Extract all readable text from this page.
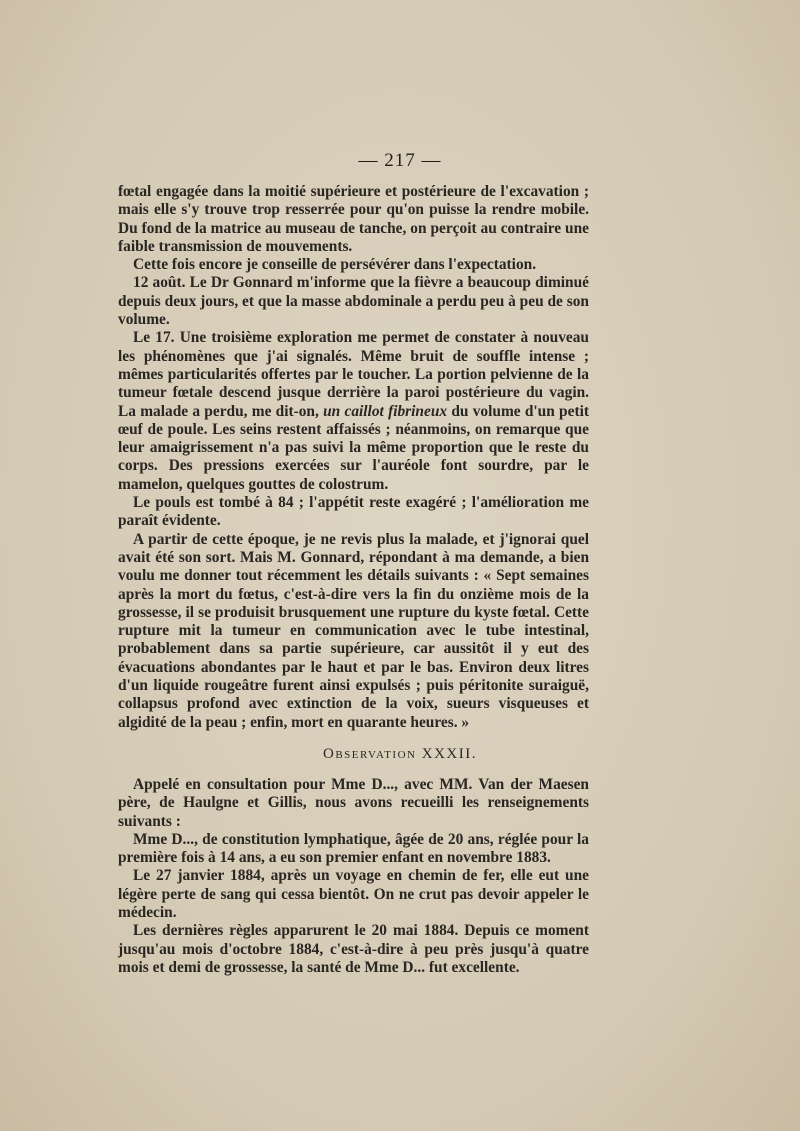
— 217 —

fœtal engagée dans la moitié supérieure et postérieure de l'excavation ; mais elle s'y trouve trop resserrée pour qu'on puisse la rendre mobile. Du fond de la matrice au museau de tanche, on perçoit au contraire une faible transmission de mouvements.

Cette fois encore je conseille de persévérer dans l'expectation.

12 août. Le Dr Gonnard m'informe que la fièvre a beaucoup diminué depuis deux jours, et que la masse abdominale a perdu peu à peu de son volume.

Le 17. Une troisième exploration me permet de constater à nouveau les phénomènes que j'ai signalés. Même bruit de souffle intense ; mêmes particularités offertes par le toucher. La portion pelvienne de la tumeur fœtale descend jusque derrière la paroi postérieure du vagin. La malade a perdu, me dit-on, un caillot fibrineux du volume d'un petit œuf de poule. Les seins restent affaissés ; néanmoins, on remarque que leur amaigrissement n'a pas suivi la même proportion que le reste du corps. Des pressions exercées sur l'auréole font sourdre, par le mamelon, quelques gouttes de colostrum.

Le pouls est tombé à 84 ; l'appétit reste exagéré ; l'amélioration me paraît évidente.

A partir de cette époque, je ne revis plus la malade, et j'ignorai quel avait été son sort. Mais M. Gonnard, répondant à ma demande, a bien voulu me donner tout récemment les détails suivants : « Sept semaines après la mort du fœtus, c'est-à-dire vers la fin du onzième mois de la grossesse, il se produisit brusquement une rupture du kyste fœtal. Cette rupture mit la tumeur en communication avec le tube intestinal, probablement dans sa partie supérieure, car aussitôt il y eut des évacuations abondantes par le haut et par le bas. Environ deux litres d'un liquide rougeâtre furent ainsi expulsés ; puis péritonite suraiguë, collapsus profond avec extinction de la voix, sueurs visqueuses et algidité de la peau ; enfin, mort en quarante heures. »

Observation XXXII.

Appelé en consultation pour Mme D..., avec MM. Van der Maesen père, de Haulgne et Gillis, nous avons recueilli les renseignements suivants :

Mme D..., de constitution lymphatique, âgée de 20 ans, réglée pour la première fois à 14 ans, a eu son premier enfant en novembre 1883.

Le 27 janvier 1884, après un voyage en chemin de fer, elle eut une légère perte de sang qui cessa bientôt. On ne crut pas devoir appeler le médecin.

Les dernières règles apparurent le 20 mai 1884. Depuis ce moment jusqu'au mois d'octobre 1884, c'est-à-dire à peu près jusqu'à quatre mois et demi de grossesse, la santé de Mme D... fut excellente.
